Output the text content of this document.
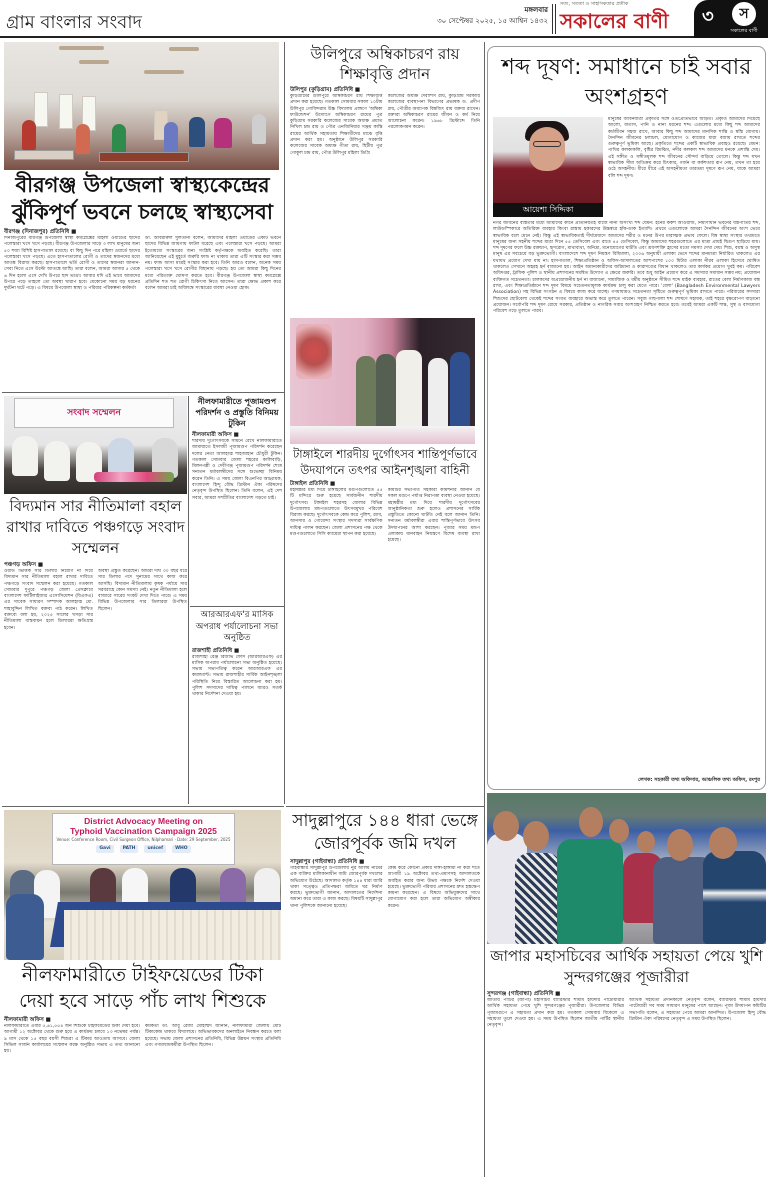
গ্রাম বাংলার সংবাদ
মঙ্গলবার
৩০ সেপ্টেম্বর ২০২৫, ১৫ আশ্বিন ১৪৩২
সত্য, সততা ও সাহসিকতার প্রতীক
সকালের বাণী	৩	স
সকালের বাণী
বীরগঞ্জ উপজেলা স্বাস্থ্যকেন্দ্রের ঝুঁকিপূর্ণ ভবনে চলছে স্বাস্থ্যসেবা
বীরগঞ্জ (দিনাজপুর) প্রতিনিধি ■
দিনাজপুরের বীরগঞ্জ উপজেলা স্বাস্থ্য কমপ্লেক্সের মহিলা ওয়ার্ডের ছাদের পলেস্তারা খসে খসে পড়ছে। বীরগঞ্জ উপজেলার সাড়ে ৩ লাখ মানুষের জন্য ৫০ শয্যা বিশিষ্ট হাসপাতাল রয়েছে। বা কিছু দিন পরে মহিলা ওয়ার্ডে ছাদের পলেস্তারা খসে পড়ছে। এতে হাসপাতালের রোগী ও তাদের স্বজনদের মধ্যে আতঙ্ক বিরাজ করছে। হাসপাতালে ভর্তি রোগী ও তাদের স্বজনরা জানান- সেবা নিতে এসে উল্টো আতঙ্কে আছি। তারা বলেন, আমরা আসার ৫ থেকে ৬ দিন হলো এসে দেখি উপরে ছাদ ভাঙা। আবার যদি এই ভাবে আমাদের উপরে পড়ে তাহলে তো অবস্থা খারাপ হবে। যেকোনো সময় বড় ধরনের দুর্ঘটনা ঘটে পড়ে। এ বিষয়ে উপজেলা স্বাস্থ্য ও পরিবার পরিকল্পনা কর্মকর্তা
ডা. আবরারুল সুলতানা বলেন, আমাদের মহিলা ওয়ার্ডের একটি ভবনে ছাদের বিভিন্ন জায়গায় ফাটল ধরেছে এবং পলেস্তারা খসে পড়ছে। আমরা ইতোমধ্যে সংস্কারের জন্য সংশ্লিষ্ট কর্তৃপক্ষকে অবহিত করেছি। তারা জানিয়েছেন এই মুহূর্তে জরুরি ফান্ড না থাকায় তারা এটি সংস্কার করা সম্ভব নয়। ফান্ড আসা মাত্রই সংস্কার করা হবে। তিনি আরও বলেন, অনেক সময় পলেস্তারা খসে খসে রোগীর বিছানায় পড়ছে। হয় তো আমরা কিছু দিনের মধ্যে পরিত্যক্ত ঘোষণা করতে হবে। বীরগঞ্জ উপজেলা স্বাস্থ্য কমপ্লেক্সে প্রতিদিন শত শত রোগী চিকিৎসা নিতে আসেন। তারা ক্ষোভ প্রকাশ করে বলেন আমরা চাই অবিলম্বে সংস্কারের ব্যবস্থা নেওয়া হোক।
উলিপুরে অম্বিকাচরণ রায় শিক্ষাবৃত্তি প্রদান
উলিপুর (কুড়িগ্রাম) প্রতিনিধি ■
কুড়িগ্রামের উলিপুরে অম্বিকাচরণ রায় শিক্ষাবৃত্তি প্রদান করা হয়েছে। গতকাল সোমবার সকাল ১০টায় উলিপুর গোবিন্দরাম উচ্চ বিদ্যালয় প্রাঙ্গণে 'অম্বিকা ফাউন্ডেশন' উদ্যোগে অম্বিকাচরণ রায়ের পুত্র কুড়িগ্রাম সরকারি কলেজের সাবেক অধ্যক্ষ প্রয়াত নিখিল চন্দ্র রায় ও পৌত্র এনজিনিয়ার সঞ্জয় কান্তি রায়ের আর্থিক সহায়তায় শিক্ষার্থীদের মাঝে বৃত্তি প্রদান করা হয়। অনুষ্ঠানে উলিপুর সরকারি কলেজের সাবেক অধ্যক্ষ গীতা রায়, ছিটীয় পুত্র গোকুল চন্দ্র রায়, পৌত্র উলিপুর মহিলা ডিগ্রি
কলেজের অধ্যক্ষ দেবাশিস রায়, কুড়িগ্রাম সরকারি কলেজের ব্যবস্থাপনা বিভাগের প্রভাষক ড. প্রদীপ রায়, পৌত্রীর অধ্যাপক বিশ্বজিৎ রায় বক্তব্য রাখেন। বক্তারা অম্বিকাচরণ রায়ের জীবন ও কর্ম নিয়ে আলোচনা করেন। ১৯৬৮ খ্রিস্টাব্দে তিনি পরলোকগমন করেন।
শব্দ দূষণ: সমাধানে চাই সবার অংশগ্রহণ
আয়েশা সিদ্দিকা
মানুষের জীবনযাত্রা প্রকৃতির সঙ্গে ওতপ্রোতভাবে জড়িত। প্রকৃতি আমাদের দিয়েছে আলো, বাতাস, পানি ও নানা ধরনের শব্দ। এগুলোর মধ্যে কিছু শব্দ আমাদের কর্মজীবন সহজ রাখে, আবার কিছু শব্দ আমাদের মানসিক শান্তি ও স্বস্তি যোগায়। দৈনন্দিন জীবনের চলাচল, যোগাযোগ ও কাজের ধারা বজায় রাখতে শব্দের গুরুত্বপূর্ণ ভূমিকা আছে। প্রকৃতিতে শব্দের একটি স্বাভাবিক প্রবাহও রয়েছে। যেমন: পাখির কলকাকলি, বৃষ্টির রিমঝিম, নদীর কলকল শব্দ আমাদের মনকে প্রশান্তি দেয়। এই সঙ্গীত ও সঙ্গীতমূলক শব্দ জীবনের সৌন্দর্য বাড়িয়ে তোলে। কিন্তু শব্দ যখন স্বাভাবিক সীমা অতিক্রম করে চিৎকার, গর্জন বা কর্কশতার রূপ নেয়, তখন তা হয়ে ওঠে অসহনীয়। ধীরে ধীরে এই অসহনীয়তা তারতম্য দূষণে রূপ নেয়, যাকে আমরা বলি শব্দ দূষণ।
নগর জীবনের ব্যস্ততার মধ্যে আমাদের কানে প্রতিনিয়তই বাজে নানা অসংখ্য শব্দ যেমন: হর্নের কর্কশ আওয়াজ, নির্মাণাধীন ভবনের যন্ত্রপাতির শব্দ, লাউডস্পিকারে অতিরিক্ত ব্যবহার কিংবা রাস্তায় হকারদের উচ্চস্বরে হাঁক-ডাক ইত্যাদি। প্রথমে এগুলোকে আমরা দৈনন্দিন জীবনের অংশ ভেবে স্বাভাবিক বলে মেনে নেই। কিন্তু এই স্বাভাবিকতাই দীর্ঘমেয়াদে আমাদের শরীর ও মনের উপর মারাত্মক প্রভাব ফেলে। বিশ্ব স্বাস্থ্য সংস্থার তথ্যমতে মানুষের জন্য সহনীয় শব্দের মাত্রা দিনে ৫৫ ডেসিবেল এবং রাতে ৪৫ ডেসিবেল, কিন্তু আমাদের শহরগুলোতে এর মাত্রা প্রায়ই দ্বিগুণ ছাড়িয়ে যায়। শব্দ দূষণের ফলে উচ্চ রক্তচাপ, হৃদরোগ, মাথাব্যথা, অনিদ্রা, মনোযোগের ঘাটতি এবং শ্রবণশক্তি হ্রাসের মতো সমস্যা দেখা দেয়। শিশু, বয়স্ক ও অসুস্থ মানুষ এর সবচেয়ে বড় ভুক্তভোগী। বাংলাদেশে শব্দ দূষণ নিয়ন্ত্রণ বিধিমালা, ২০০৬ অনুযায়ী এলাকা ভেদে শব্দের মানমাত্রা নির্ধারিত থাকলেও এর যথাযথ প্রয়োগ দেখা যায় না। হাসপাতাল, শিক্ষাপ্রতিষ্ঠান ও অফিস-আদালতের আশপাশের ১০০ মিটার এলাকা নীরব এলাকা হিসেবে ঘোষিত থাকলেও সেখানে অহরহ হর্ন বাজানো হয়। আইন অমান্যকারীদের জরিমানা ও কারাদণ্ডের বিধান থাকলেও তার কার্যকর প্রয়োগ খুবই কম। পরিবেশ অধিদপ্তর, ট্রাফিক পুলিশ ও স্থানীয় প্রশাসনের সমন্বিত উদ্যোগ এ ক্ষেত্রে জরুরি। তবে শুধু আইন প্রয়োগ করে এ সমস্যার সমাধান সম্ভব নয়; প্রয়োজন ব্যক্তিগত সচেতনতা। চালকদের অপ্রয়োজনীয় হর্ন না বাজানো, সামাজিক ও ধর্মীয় অনুষ্ঠানে সীমিত শব্দে মাইক ব্যবহার, রাতের বেলা নির্মাণকাজ বন্ধ রাখা, এবং শিক্ষাপ্রতিষ্ঠানে শব্দ দূষণ বিষয়ে সচেতনতামূলক কার্যক্রম চালু করা যেতে পারে। 'বেলা' (Bangladesh Environmental Lawyers Association) সহ বিভিন্ন সংগঠন এ বিষয়ে কাজ করে যাচ্ছে। গণমাধ্যমও সচেতনতা সৃষ্টিতে গুরুত্বপূর্ণ ভূমিকা রাখতে পারে। পরিবারের সদস্যরা শিশুদের ছোটবেলা থেকেই শব্দের সংযত ব্যবহারে অভ্যস্ত করে তুলতে পারেন। সবুজ গাছপালা শব্দ শোষণে সহায়ক, তাই শহরে বৃক্ষরোপণ বাড়ানো প্রয়োজন। সর্বোপরি শব্দ দূষণ রোধে সরকার, প্রতিষ্ঠান ও নাগরিক সবার অংশগ্রহণ নিশ্চিত করতে হবে। তবেই আমরা একটি শান্ত, সুস্থ ও বাসযোগ্য পরিবেশ গড়ে তুলতে পারব।
লেখক: সহকারী তথ্য অফিসার, আঞ্চলিক তথ্য অফিস, রংপুর
সংবাদ সম্মেলন
বিদ্যমান সার নীতিমালা বহাল রাখার দাবিতে পঞ্চগড়ে সংবাদ সম্মেলন
পঞ্চগড় অফিস ■
ওয়ার্ড ভিত্তিক সার ডিলার নিয়োগ না দিয়ে বিদ্যমান সার নীতিমালা বহাল রাখার দাবিতে পঞ্চগড়ে সংবাদ সম্মেলন করা হয়েছে। গতকাল সোমবার দুপুরে পঞ্চগড় জেলা প্রেসক্লাবে বাংলাদেশ ফার্টিলাইজার এসোসিয়েশন (বিএফএ) এর সাবেক সাধারণ সম্পাদক আলহাজ্ব মো. শাহাবুদ্দিন লিখিত বক্তব্য পাঠ করেন। লিখিত বক্তব্যে বলা হয়, ২০২৫ সালের খসড়া সার নীতিমালা বাস্তবায়ন হলে ডিলাররা ক্ষতিগ্রস্ত হবেন।
অবস্থা প্রস্তুত করেছেন। আমরা দীর্ঘ ৩০ বছর ধরে সার ডিলার পদে সুনামের সাথে কাজ করে আসছি। বিদ্যমান নীতিমালায় কৃষক পর্যায়ে সার সরবরাহে কোন সমস্যা নেই। নতুন নীতিমালা হলে বাজারে সারের সংকট দেখা দিতে পারে। এ সময় বিভিন্ন উপজেলার সার ডিলাররা উপস্থিত ছিলেন।
নীলফামারীতে পূজামণ্ডপ পরিদর্শন ও প্রস্তুতি বিনিময় টুকিন
নীলফামারী অফিস ■
শারদীয় দুর্গোৎসবকে সামনে রেখে নীলফামারীতে জামায়াতে ইসলামী পূজামণ্ডপ পরিদর্শন করেছেন দলের নেতা আলহাজ্ব শাহজাহান চৌধুরী টুকিন। গতকাল সোমবার জেলা শহরের কালিবাড়ি, মিলনপল্লী ও দেবীগঞ্জ পূজামণ্ডপ পরিদর্শন শেষে সনাতন ধর্মাবলম্বীদের সঙ্গে শুভেচ্ছা বিনিময় করেন তিনি। এ সময় জেলা বিএনপির আহ্বায়ক, বাংলাদেশ হিন্দু বৌদ্ধ খ্রিস্টান ঐক্য পরিষদের নেতৃবৃন্দ উপস্থিত ছিলেন। তিনি বলেন, এই দেশ সবার, আমরা সম্প্রীতির বাংলাদেশ গড়তে চাই।
আরআরএফ'র মাসিক অপরাধ পর্যালোচনা সভা অনুষ্ঠিত
রাজশাহী প্রতিনিধি ■
রাজশাহী রেঞ্জ রিজার্ভ ফোর্স (আরআরএফ) এর মাসিক অপরাধ পর্যালোচনা সভা অনুষ্ঠিত হয়েছে। সভায় সভাপতিত্ব করেন আরআরএফ এর কমান্ড্যান্ট। সভায় রাজশাহীর সার্বিক আইনশৃঙ্খলা পরিস্থিতি নিয়ে বিস্তারিত আলোচনা করা হয়। পুলিশ সদস্যদের দায়িত্ব পালনে আরও সতর্ক থাকার নির্দেশনা দেওয়া হয়।
টাঙ্গাইলে শারদীয় দুর্গোৎসব শান্তিপূর্ণভাবে উদযাপনে তৎপর আইনশৃঙ্খলা বাহিনী
টাঙ্গাইল প্রতিনিধি ■
মহাষষ্ঠীর মধ্য দিয়ে টাঙ্গাইলের মণ্ডপগুলোতে ৫৫ টি মন্দিরে শুরু হয়েছে সার্বজনীন শারদীয় দুর্গোৎসব। টাঙ্গাইল শহরসহ জেলার বিভিন্ন উপজেলার মন্ডপগুলোতে উৎসবমুখর পরিবেশ বিরাজ করছে। দুর্গোৎসবকে কেন্দ্র করে পুলিশ, র‍্যাব, আনসার ও গোয়েন্দা সংস্থার সদস্যরা সার্বক্ষণিক দায়িত্ব পালন করছেন। জেলা প্রশাসনের পক্ষ থেকে মণ্ডপগুলোতে সিসি ক্যামেরা স্থাপন করা হয়েছে।
কমিটির সভাপতি সহকারী কমিশনার জানান যে সকল মণ্ডপে পর্যাপ্ত নিরাপত্তা ব্যবস্থা নেওয়া হয়েছে। মহাষষ্ঠীর মধ্য দিয়ে শারদীয় দুর্গোৎসবের আনুষ্ঠানিকতা শুরু হলেও প্রশাসনের সার্বিক প্রস্তুতিতে কোনো ঘাটতি নেই বলে জানান তিনি। সনাতন ধর্মাবলম্বীরা এবার শান্তিপূর্ণভাবে উৎসব উদযাপনের আশা করছেন। পূজার সময় মন্ডপ এলাকায় যানবাহন নিয়ন্ত্রণে বিশেষ ব্যবস্থা রাখা হয়েছে।
সাদুল্লাপুরে ১৪৪ ধারা ভেঙ্গে জোরপূর্বক জমি দখল
সাদুল্লাপুর (গাইবান্ধা) প্রতিনিধি ■
গাইবান্ধার সাদুল্লাপুর উপজেলায় নুর আলম নামের এক ব্যক্তির মালিকানাধীন জমি জোরপূর্বক দখলের অভিযোগ উঠেছে। আদালত কর্তৃক ১৪৪ ধারা জারি থাকা সত্ত্বেও প্রতিপক্ষরা জমিতে ঘর নির্মাণ করছে। ভুক্তভোগী জানান, আদালতের নির্দেশনা অমান্য করে তারা এ কাজ করছে। বিষয়টি সাদুল্লাপুর থানা পুলিশকে জানানো হয়েছে।
কেন্দ্র করে কোনো প্রকার দাঙ্গা-হাঙ্গামা না করা শর্তে আগামী ১৯ অক্টোবর তথ্য-প্রমাণসহ আদালতকে অবহিত করার জন্য উভয় পক্ষকে নির্দেশ দেওয়া হয়েছে। ভুক্তভোগী পরিবার প্রশাসনের দ্রুত হস্তক্ষেপ কামনা করেছেন। এ বিষয়ে অভিযুক্তদের সাথে যোগাযোগ করা হলে তারা অভিযোগ অস্বীকার করেন।
District Advocacy Meeting on
Typhoid Vaccination Campaign 2025
Venue: Conference Room, Civil Surgeon Office, Nilphamari · Date: 29 September, 2025
Gavi	PATH	unicef	WHO
নীলফামারীতে টাইফয়েডের টিকা দেয়া হবে সাড়ে পাঁচ লাখ শিশুকে
নীলফামারী অফিস ■
নীলফামারীতে এবার ৫,৬১,৫৫৪ জন শিশুকে টাইফয়েডের টিকা দেয়া হবে। আগামী ১২ অক্টোবর থেকে শুরু হয়ে এ কার্যক্রম চলবে ১৩ নভেম্বর পর্যন্ত। ৯ মাস থেকে ১৫ বছর বয়সী শিশুরা এ টিকার আওতায় আসবে। জেলা সিভিল সার্জন কার্যালয়ের সম্মেলন কক্ষে অনুষ্ঠিত সভায় এ তথ্য জানানো হয়।
কর্মকর্তা ডা. আবু রেজা মোহাম্মদ জানান, নীলফামারী জেলায় মোট টিকাকেন্দ্র থাকবে বিদ্যালয়ে। অভিভাবকদের অনলাইনে নিবন্ধন করতে বলা হয়েছে। সভায় জেলা প্রশাসনের প্রতিনিধি, বিভিন্ন উন্নয়ন সংস্থার প্রতিনিধি এবং গণমাধ্যমকর্মীরা উপস্থিত ছিলেন।
জাপার মহাসচিবের আর্থিক সহায়তা পেয়ে খুশি সুন্দরগঞ্জের পূজারীরা
সুন্দরগঞ্জ (গাইবান্ধা) প্রতিনিধি ■
জাতীয় পার্টির (জাপা) মহাসচিব ব্যারিস্টার শামীম হায়দার পাটোয়ারীর আর্থিক সহায়তা পেয়ে খুশি সুন্দরগঞ্জের পূজারীরা। উপজেলার বিভিন্ন পূজামণ্ডপে এ সহায়তা প্রদান করা হয়। গতকাল সোমবার বিকেলে এ সহায়তা তুলে দেওয়া হয়। এ সময় উপস্থিত ছিলেন জাতীয় পার্টির স্থানীয় নেতৃবৃন্দ।
আর্থিক সহায়তা প্রদানকালে নেতৃবৃন্দ বলেন, ব্যারিস্টার শামীম হায়দার পাটোয়ারী সব সময় সাধারণ মানুষের পাশে আছেন। পূজা উদযাপন কমিটির সভাপতি বলেন, এ সহায়তা পেয়ে আমরা আনন্দিত। উপজেলা হিন্দু বৌদ্ধ খ্রিস্টান ঐক্য পরিষদের নেতৃবৃন্দ এ সময় উপস্থিত ছিলেন।
